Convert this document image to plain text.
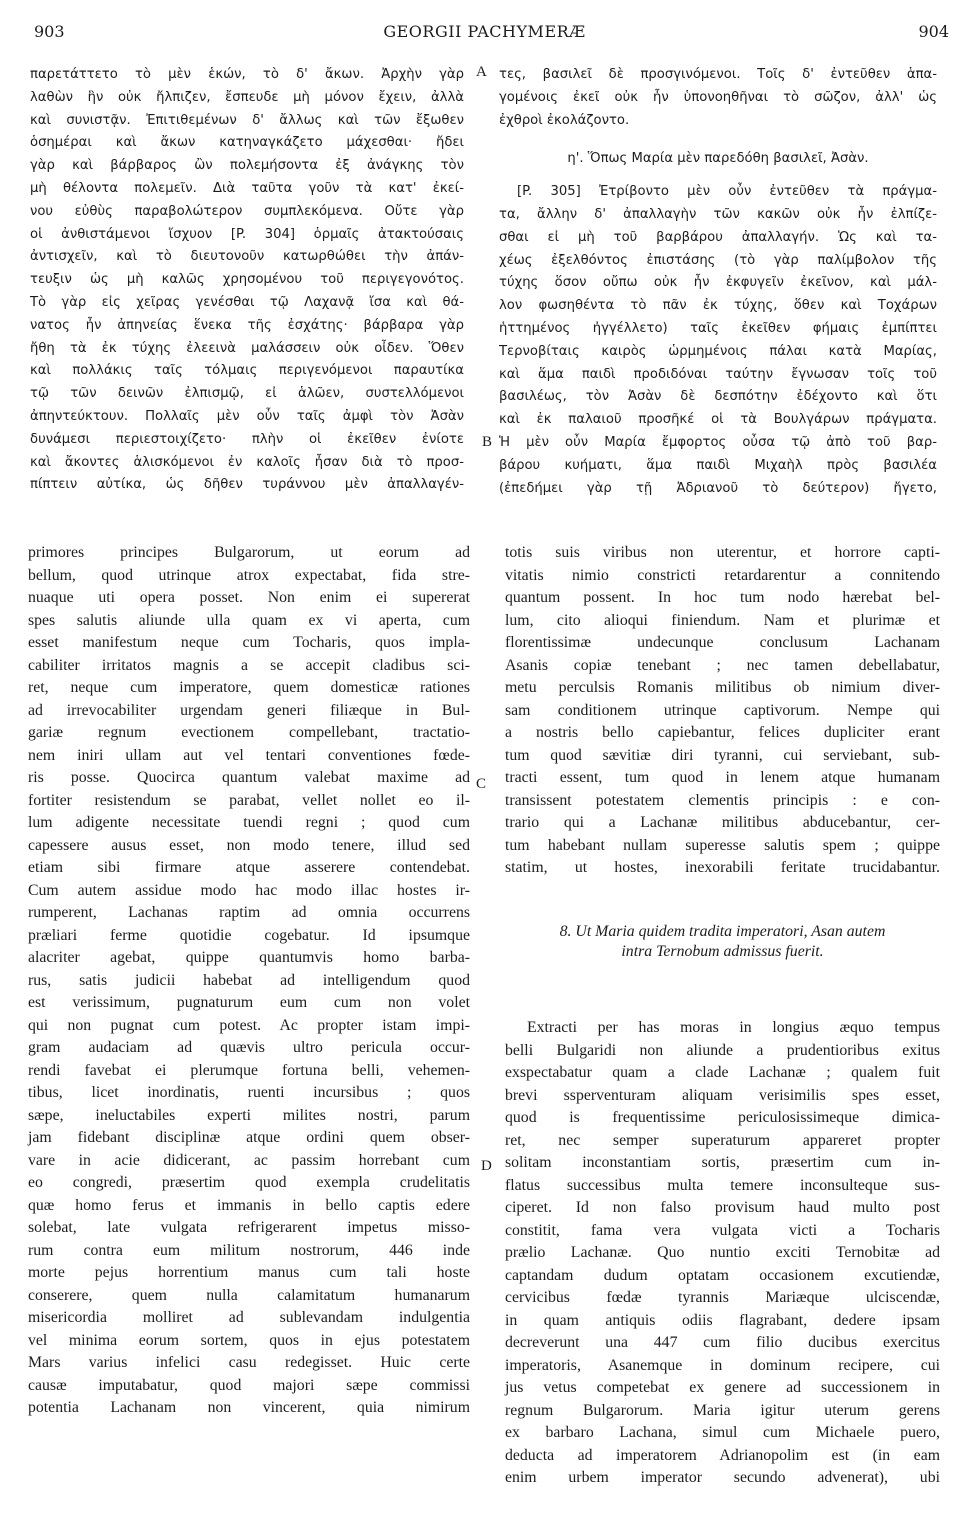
903	GEORGII PACHYMERÆ	904
A
B
C
D
παρετάττετο τὸ μὲν ἑκών, τὸ δ' ἄκων. Ἀρχὴν γὰρ
λαθὼν ἣν οὐκ ἤλπιζεν, ἔσπευδε μὴ μόνον ἔχειν, ἀλλὰ
καὶ συνιστᾷν. Ἐπιτιθεμένων δ' ἄλλως καὶ τῶν ἔξωθεν
ὁσημέραι καὶ ἄκων κατηναγκάζετο μάχεσθαι· ἤδει
γὰρ καὶ βάρβαρος ὢν πολεμήσοντα ἐξ ἀνάγκης τὸν
μὴ θέλοντα πολεμεῖν. Διὰ ταῦτα γοῦν τὰ κατ' ἐκεί-
νου εὐθὺς παραβολώτερον συμπλεκόμενα. Οὔτε γὰρ
οἱ ἀνθιστάμενοι ἴσχυον [P. 304] ὁρμαῖς ἀτακτούσαις
ἀντισχεῖν, καὶ τὸ διευτονοῦν κατωρθώθει τὴν ἀπάν-
τευξιν ὡς μὴ καλῶς χρησομένου τοῦ περιγεγονότος.
Τὸ γὰρ εἰς χεῖρας γενέσθαι τῷ Λαχανᾷ ἴσα καὶ θά-
νατος ἦν ἀπηνείας ἕνεκα τῆς ἐσχάτης· βάρβαρα γὰρ
ἤθη τὰ ἐκ τύχης ἐλεεινὰ μαλάσσειν οὐκ οἶδεν. Ὅθεν
καὶ πολλάκις ταῖς τόλμαις περιγενόμενοι παραυτίκα
τῷ τῶν δεινῶν ἐλπισμῷ, εἰ ἁλῶεν, συστελλόμενοι
ἀπηντεύκτουν. Πολλαῖς μὲν οὖν ταῖς ἀμφὶ τὸν Ἀσὰν
δυνάμεσι περιεστοιχίζετο· πλὴν οἱ ἐκεῖθεν ἐνίοτε
καὶ ἄκοντες ἁλισκόμενοι ἐν καλοῖς ἦσαν διὰ τὸ προσ-
πίπτειν αὐτίκα, ὡς δῆθεν τυράννου μὲν ἀπαλλαγέν-
τες, βασιλεῖ δὲ προσγινόμενοι. Τοῖς δ' ἐντεῦθεν ἁπα-
γομένοις ἐκεῖ οὐκ ἦν ὑπονοηθῆναι τὸ σῶζον, ἀλλ' ὡς
ἐχθροὶ ἐκολάζοντο.
η'. Ὅπως Μαρία μὲν παρεδόθη βασιλεῖ, Ἀσὰν.
[P. 305] Ἐτρίβοντο μὲν οὖν ἐντεῦθεν τὰ πράγμα-
τα, ἄλλην δ' ἀπαλλαγὴν τῶν κακῶν οὐκ ἦν ἐλπίζε-
σθαι εἰ μὴ τοῦ βαρβάρου ἀπαλλαγήν. Ὡς καὶ τα-
χέως ἐξελθόντος ἐπιστάσης (τὸ γὰρ παλίμβολον τῆς
τύχης ὅσον οὔπω οὐκ ἦν ἐκφυγεῖν ἐκεῖνον, καὶ μάλ-
λον φωσηθέντα τὸ πᾶν ἐκ τύχης, ὅθεν καὶ Τοχάρων
ἡττημένος ἠγγέλλετο) ταῖς ἐκεῖθεν φήμαις ἐμπίπτει
Τερνοβίταις καιρὸς ὡρμημένοις πάλαι κατὰ Μαρίας,
καὶ ἅμα παιδὶ προδιδόναι ταύτην ἔγνωσαν τοῖς τοῦ
βασιλέως, τὸν Ἀσὰν δὲ δεσπότην ἐδέχοντο καὶ ὅτι
καὶ ἐκ παλαιοῦ προσῆκέ οἱ τὰ Βουλγάρων πράγματα.
Ἡ μὲν οὖν Μαρία ἔμφορτος οὖσα τῷ ἀπὸ τοῦ βαρ-
βάρου κυήματι, ἅμα παιδὶ Μιχαὴλ πρὸς βασιλέα
(ἐπεδήμει γὰρ τῇ Ἀδριανοῦ τὸ δεύτερον) ἤγετο,
primores principes Bulgarorum, ut eorum ad
bellum, quod utrinque atrox expectabat, fida stre-
nuaque uti opera posset. Non enim ei supererat
spes salutis aliunde ulla quam ex vi aperta, cum
esset manifestum neque cum Tocharis, quos impla-
cabiliter irritatos magnis a se accepit cladibus sci-
ret, neque cum imperatore, quem domesticæ rationes
ad irrevocabiliter urgendam generi filiæque in Bul-
gariæ regnum evectionem compellebant, tractatio-
nem iniri ullam aut vel tentari conventiones fœde-
ris posse. Quocirca quantum valebat maxime ad
fortiter resistendum se parabat, vellet nollet eo il-
lum adigente necessitate tuendi regni ; quod cum
capessere ausus esset, non modo tenere, illud sed
etiam sibi firmare atque asserere contendebat.
Cum autem assidue modo hac modo illac hostes ir-
rumperent, Lachanas raptim ad omnia occurrens
præliari ferme quotidie cogebatur. Id ipsumque
alacriter agebat, quippe quantumvis homo barba-
rus, satis judicii habebat ad intelligendum quod
est verissimum, pugnaturum eum cum non volet
qui non pugnat cum potest. Ac propter istam impi-
gram audaciam ad quævis ultro pericula occur-
rendi favebat ei plerumque fortuna belli, vehemen-
tibus, licet inordinatis, ruenti incursibus ; quos
sæpe, ineluctabiles experti milites nostri, parum
jam fidebant disciplinæ atque ordini quem obser-
vare in acie didicerant, ac passim horrebant cum
eo congredi, præsertim quod exempla crudelitatis
quæ homo ferus et immanis in bello captis edere
solebat, late vulgata refrigerarent impetus missо-
rum contra eum militum nostrorum, 446 inde
morte pejus horrentium manus cum tali hoste
conserere, quem nulla calamitatum humanarum
misericordia molliret ad sublevandam indulgentia
vel minima eorum sortem, quos in ejus potestatem
Mars varius infelici casu redegisset. Huic certe
causæ imputabatur, quod majori sæpe commissi
potentia Lachanam non vincerent, quia nimirum
totis suis viribus non uterentur, et horrore capti-
vitatis nimio constricti retardarentur a conniten​do
quantum possent. In hoc tum nodo hærebat bel-
lum, cito alioqui finiendum. Nam et plurimæ et
florentissimæ undecunque conclusum Lachanam
Asanis copiæ tenebant ; nec tamen debellabatur,
metu perculsis Romanis militibus ob nimium diver-
sam conditionem utrinque captivorum. Nempe qui
a nostris bello capiebantur, felices dupliciter erant
tum quod sævitiæ diri tyranni, cui serviebant, sub-
tracti essent, tum quod in lenem atque humanam
transissent potestatem clementis principis : e con-
trario qui a Lachanæ militibus abducebantur, cer-
tum habebant nullam superesse salutis spem ; quippe
statim, ut hostes, inexorabili feritate trucidabantur.
8. Ut Maria quidem tradita imperatori, Asan autem
intra Ternobum admissus fuerit.
Extracti per has moras in longius æquo tempus
belli Bulgaridi non aliunde a prudentioribus exitus
exspectabatur quam a clade Lachanæ ; qualem fuit
brevi ssperventuram aliquam verisimilis spes esset,
quod is frequentissime periculosissimeque dimica-
ret, nec semper superaturum appareret propter
solitam inconstantiam sortis, præsertim cum in-
flatus successibus multa temere inconsulteque sus-
ciperet. Id non falso provisum haud multo post
constitit, fama vera vulgata victi a Tocharis
prælio Lachanæ. Quo nuntio exciti Ternobitæ ad
captandam dudum optatam occasionem excutiendæ,
cervicibus fœdæ tyrannis Mariæque ulciscendæ,
in quam antiquis odiis flagrabant, dedere ipsam
decreverunt una 447 cum filio ducibus exercitus
imperatoris, Asanemque in dominum recipere, cui
jus vetus competebat ex genere ad successionem in
regnum Bulgarorum. Maria igitur uterum gerens
ex barbaro Lachana, simul cum Michaele puero,
deducta ad imperatorem Adrianopolim est (in eam
enim urbem imperator secundo advenerat), ubi
